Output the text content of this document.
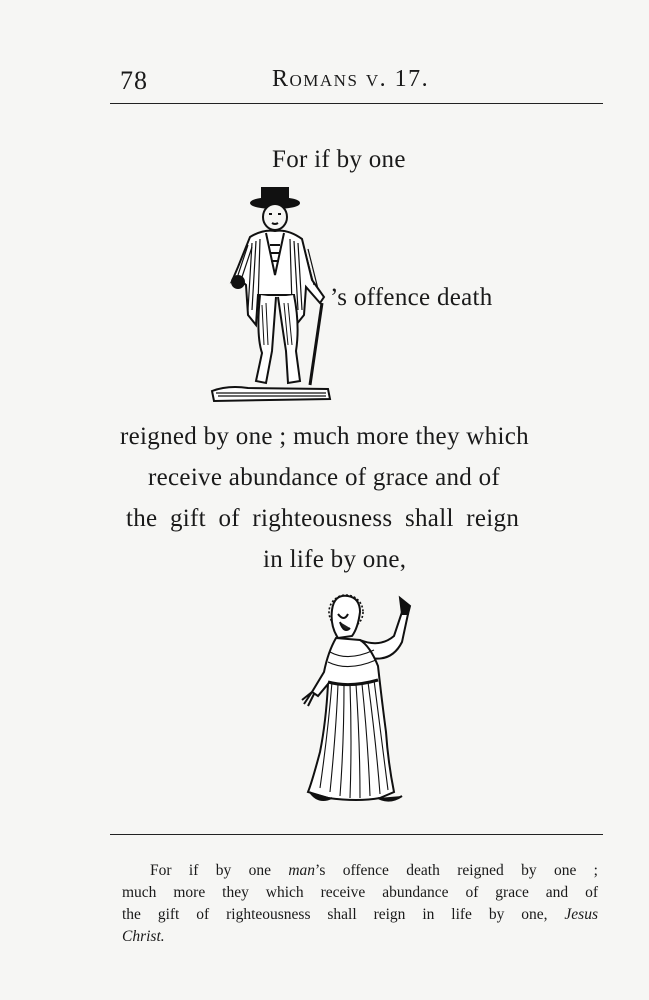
78	Romans v. 17.
For if by one
’s offence death
reigned by one ; much more they which
receive abundance of grace and of
the gift of righteousness shall reign
in life by one,
For if by one man’s offence death reigned by one ;
much more they which receive abundance of grace and of
the gift of righteousness shall reign in life by one, Jesus
Christ.
